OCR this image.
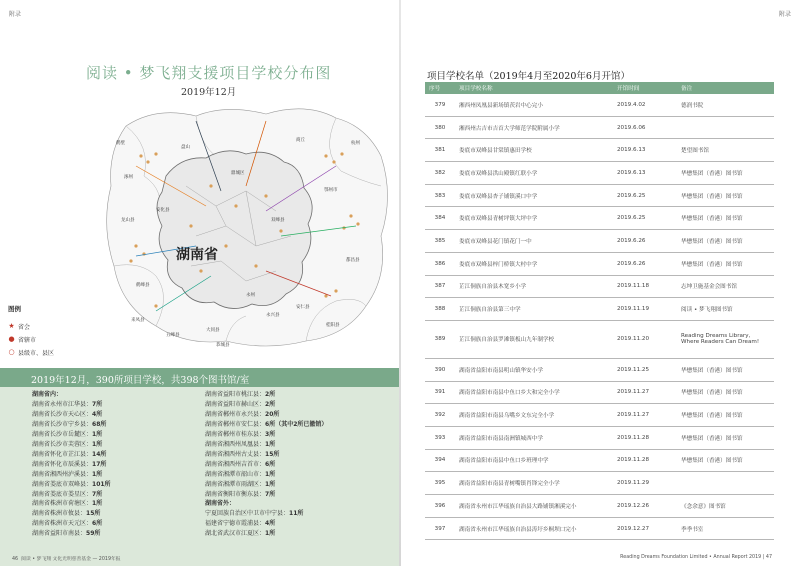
附录	附录
阅读 • 梦飞翔支援项目学校分布图
2019年12月
湖南省
鹤壁
涿州
盘山
商丘
杭州
鄂州市
双峰县
永州
安化县
都昌县
龙山县
鹤峰县
桂阳县
来凤县
五峰县
永兴县
大同县
安仁县
恭城县
鼎城区
图例
★ 省会
● 省辖市
○ 县级市、县区
2019年12月，390所项目学校，共398个图书馆/室
湖南省内：
湖南省永州市江华县：7所
湖南省长沙市天心区：4所
湖南省长沙市宁乡县：68所
湖南省长沙市岳麓区：1所
湖南省长沙市芙蓉区：1所
湖南省怀化市芷江县：14所
湖南省怀化市辰溪县：17所
湖南省湘西州泸溪县：1所
湖南省娄底市双峰县：101所
湖南省娄底市娄星区：7所
湖南省株洲市荷塘区：1所
湖南省株洲市攸县：15所
湖南省株洲市天元区：6所
湖南省益阳市南县：59所
湖南省益阳市桃江县：2所
湖南省益阳市赫山区：2所
湖南省郴州市永兴县：20所
湖南省郴州市安仁县：6所（其中2所已撤销）
湖南省郴州市桂东县：3所
湖南省湘西州凤凰县：1所
湖南省湘西州古丈县：15所
湖南省湘西州吉首市：6所
湖南省湘潭市韶山市：1所
湖南省湘潭市雨湖区：1所
湖南省衡阳市衡东县：7所
湖南省外：
宁夏回族自治区中卫市中宁县：11所
福建省宁德市霞浦县：4所
湖北省武汉市江夏区：1所
46 阅读 • 梦飞翔 文化光明慈善基金 — 2019年报
项目学校名单（2019年4月至2020年6月开馆）
序号	项目学校名称	开馆时间	备注
379	湘西州凤凰县新场镇茨岩中心完小	2019.4.02	德润书院
380	湘西州古吉市吉首大学师范学院附属小学	2019.6.06	
381	娄底市双峰县甘棠镇惠田学校	2019.6.13	楚望图书馆
382	娄底市双峰县洪山殿镇红联小学	2019.6.13	华懋集团（香港）图书馆
383	娄底市双峰县杏子铺镇溪口中学	2019.6.25	华懋集团（香港）图书馆
384	娄底市双峰县青树坪镇大坪中学	2019.6.25	华懋集团（香港）图书馆
385	娄底市双峰县花门镇花门一中	2019.6.26	华懋集团（香港）图书馆
386	娄底市双峰县梓门桥镇大村中学	2019.6.26	华懋集团（香港）图书馆
387	芷江侗族自治县木宽乡小学	2019.11.18	志坤卫施基金会图书馆
388	芷江侗族自治县第三中学	2019.11.19	阅读 • 梦飞翔图书馆
389	芷江侗族自治县罗滩镇板山九年制学校	2019.11.20	Reading Dreams Library, Where Readers Can Dream!
390	湖南省益阳市南县明山镇华安小学	2019.11.25	华懋集团（香港）图书馆
391	湖南省益阳市南县中鱼口乡大和完全小学	2019.11.27	华懋集团（香港）图书馆
392	湖南省益阳市南县乌嘴乡文东完全小学	2019.11.27	华懋集团（香港）图书馆
393	湖南省益阳市南县南洲镇城西中学	2019.11.28	华懋集团（香港）图书馆
394	湖南省益阳市南县中鱼口乡班理中学	2019.11.28	华懋集团（香港）图书馆
395	湖南省益阳市南县青树嘴镇肖锋完全小学	2019.11.29	
396	湖南省永州市江华瑶族自治县大路铺镇湘溪完小	2019.12.26	《念余意》图书馆
397	湖南省永州市江华瑶族自治县涛圩乡桐坝口完小	2019.12.27	季季书室
Reading Dreams Foundation Limited • Annual Report 2019 | 47
